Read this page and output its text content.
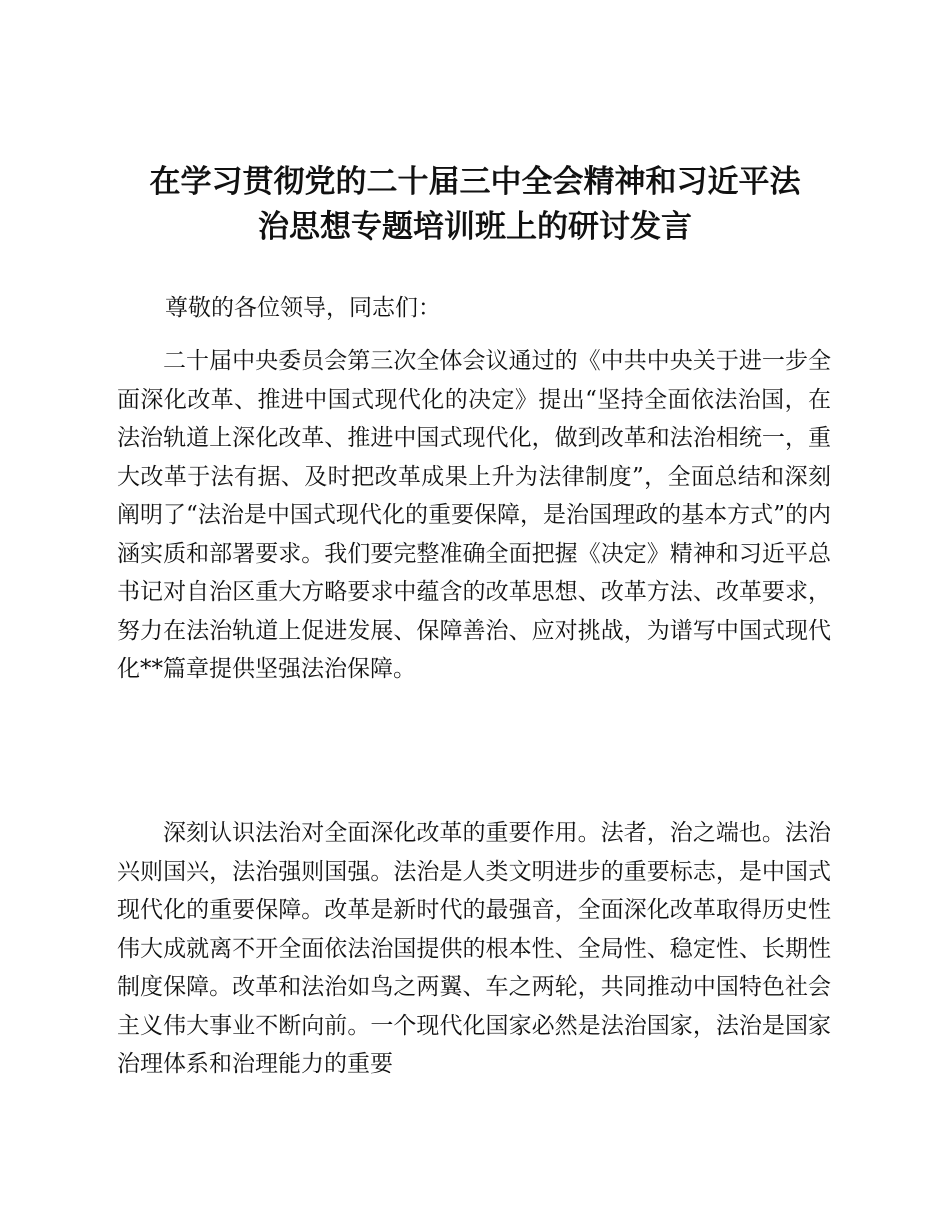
在学习贯彻党的二十届三中全会精神和习近平法
治思想专题培训班上的研讨发言
尊敬的各位领导，同志们：

二十届中央委员会第三次全体会议通过的《中共中央关于进一步全面深化改革、推进中国式现代化的决定》提出“坚持全面依法治国，在法治轨道上深化改革、推进中国式现代化，做到改革和法治相统一，重大改革于法有据、及时把改革成果上升为法律制度”，全面总结和深刻阐明了“法治是中国式现代化的重要保障，是治国理政的基本方式”的内涵实质和部署要求。我们要完整准确全面把握《决定》精神和习近平总书记对自治区重大方略要求中蕴含的改革思想、改革方法、改革要求，努力在法治轨道上促进发展、保障善治、应对挑战，为谱写中国式现代化**篇章提供坚强法治保障。

深刻认识法治对全面深化改革的重要作用。法者，治之端也。法治兴则国兴，法治强则国强。法治是人类文明进步的重要标志，是中国式现代化的重要保障。改革是新时代的最强音，全面深化改革取得历史性伟大成就离不开全面依法治国提供的根本性、全局性、稳定性、长期性制度保障。改革和法治如鸟之两翼、车之两轮，共同推动中国特色社会主义伟大事业不断向前。一个现代化国家必然是法治国家，法治是国家治理体系和治理能力的重要
